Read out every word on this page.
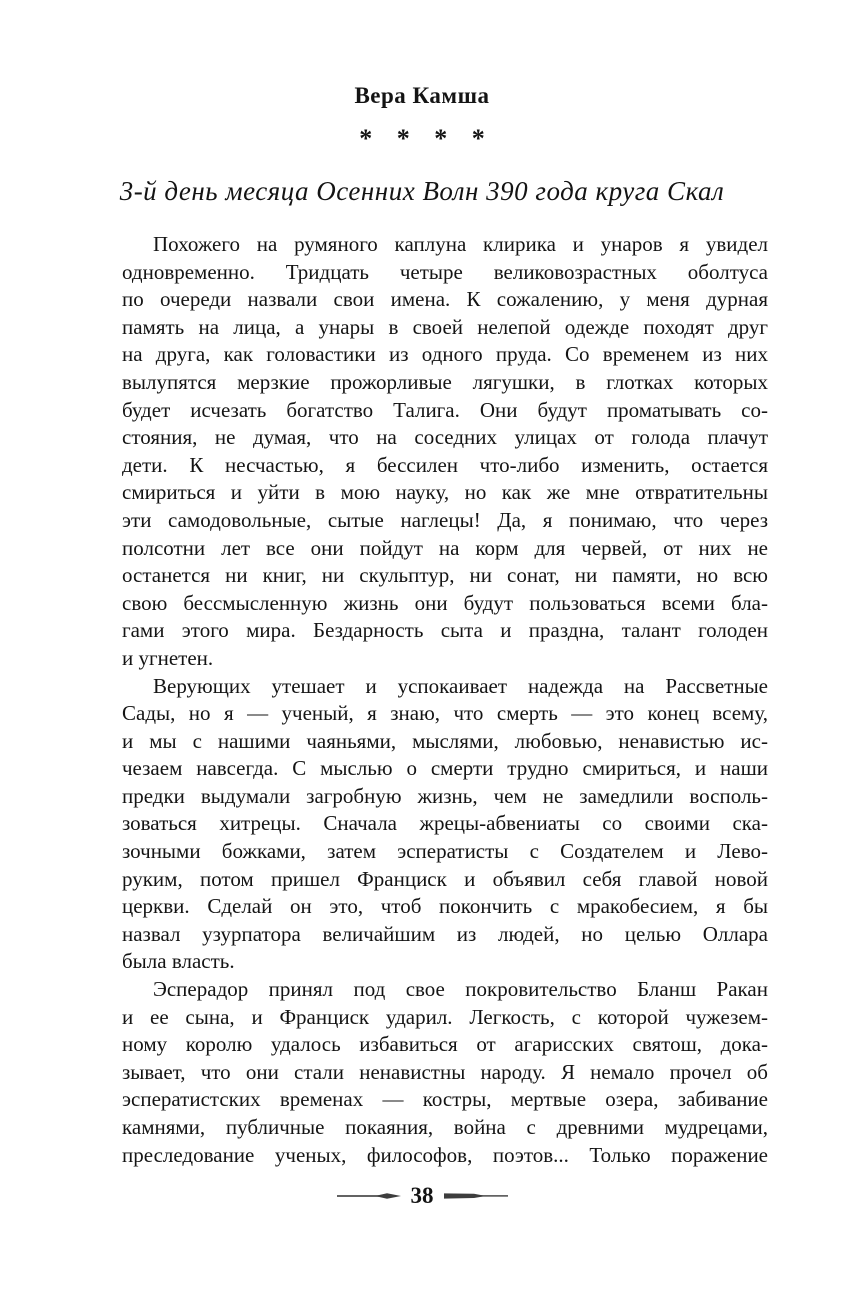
Вера Камша
* * * *
3-й день месяца Осенних Волн 390 года круга Скал
Похожего на румяного каплуна клирика и унаров я увидел
одновременно. Тридцать четыре великовозрастных оболтуса
по очереди назвали свои имена. К сожалению, у меня дурная
память на лица, а унары в своей нелепой одежде походят друг
на друга, как головастики из одного пруда. Со временем из них
вылупятся мерзкие прожорливые лягушки, в глотках которых
будет исчезать богатство Талига. Они будут проматывать со-
стояния, не думая, что на соседних улицах от голода плачут
дети. К несчастью, я бессилен что-либо изменить, остается
смириться и уйти в мою науку, но как же мне отвратительны
эти самодовольные, сытые наглецы! Да, я понимаю, что через
полсотни лет все они пойдут на корм для червей, от них не
останется ни книг, ни скульптур, ни сонат, ни памяти, но всю
свою бессмысленную жизнь они будут пользоваться всеми бла-
гами этого мира. Бездарность сыта и праздна, талант голоден
и угнетен.
Верующих утешает и успокаивает надежда на Рассветные
Сады, но я — ученый, я знаю, что смерть — это конец всему,
и мы с нашими чаяньями, мыслями, любовью, ненавистью ис-
чезаем навсегда. С мыслью о смерти трудно смириться, и наши
предки выдумали загробную жизнь, чем не замедлили восполь-
зоваться хитрецы. Сначала жрецы-абвениаты со своими ска-
зочными божками, затем эсператисты с Создателем и Лево-
руким, потом пришел Франциск и объявил себя главой новой
церкви. Сделай он это, чтоб покончить с мракобесием, я бы
назвал узурпатора величайшим из людей, но целью Оллара
была власть.
Эсперадор принял под свое покровительство Бланш Ракан
и ее сына, и Франциск ударил. Легкость, с которой чужезем-
ному королю удалось избавиться от агарисских святош, дока-
зывает, что они стали ненавистны народу. Я немало прочел об
эсператистских временах — костры, мертвые озера, забивание
камнями, публичные покаяния, война с древними мудрецами,
преследование ученых, философов, поэтов... Только поражение
38
